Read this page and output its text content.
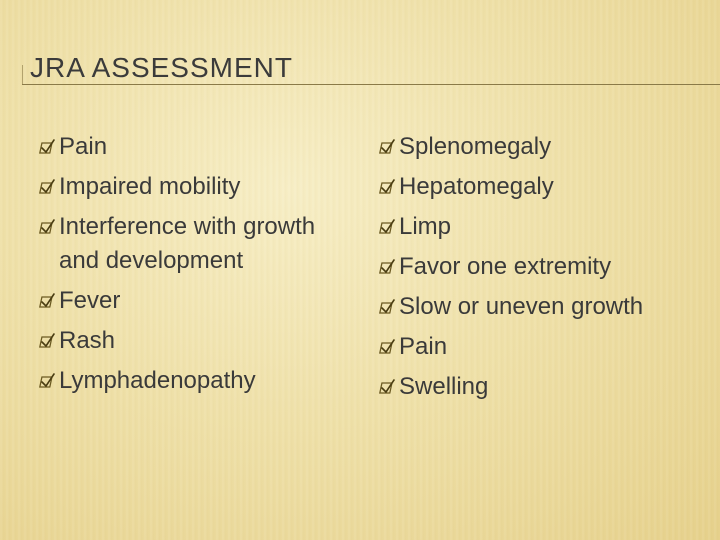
JRA ASSESSMENT
Pain
Impaired mobility
Interference with growth and development
Fever
Rash
Lymphadenopathy
Splenomegaly
Hepatomegaly
Limp
Favor one extremity
Slow or uneven growth
Pain
Swelling
